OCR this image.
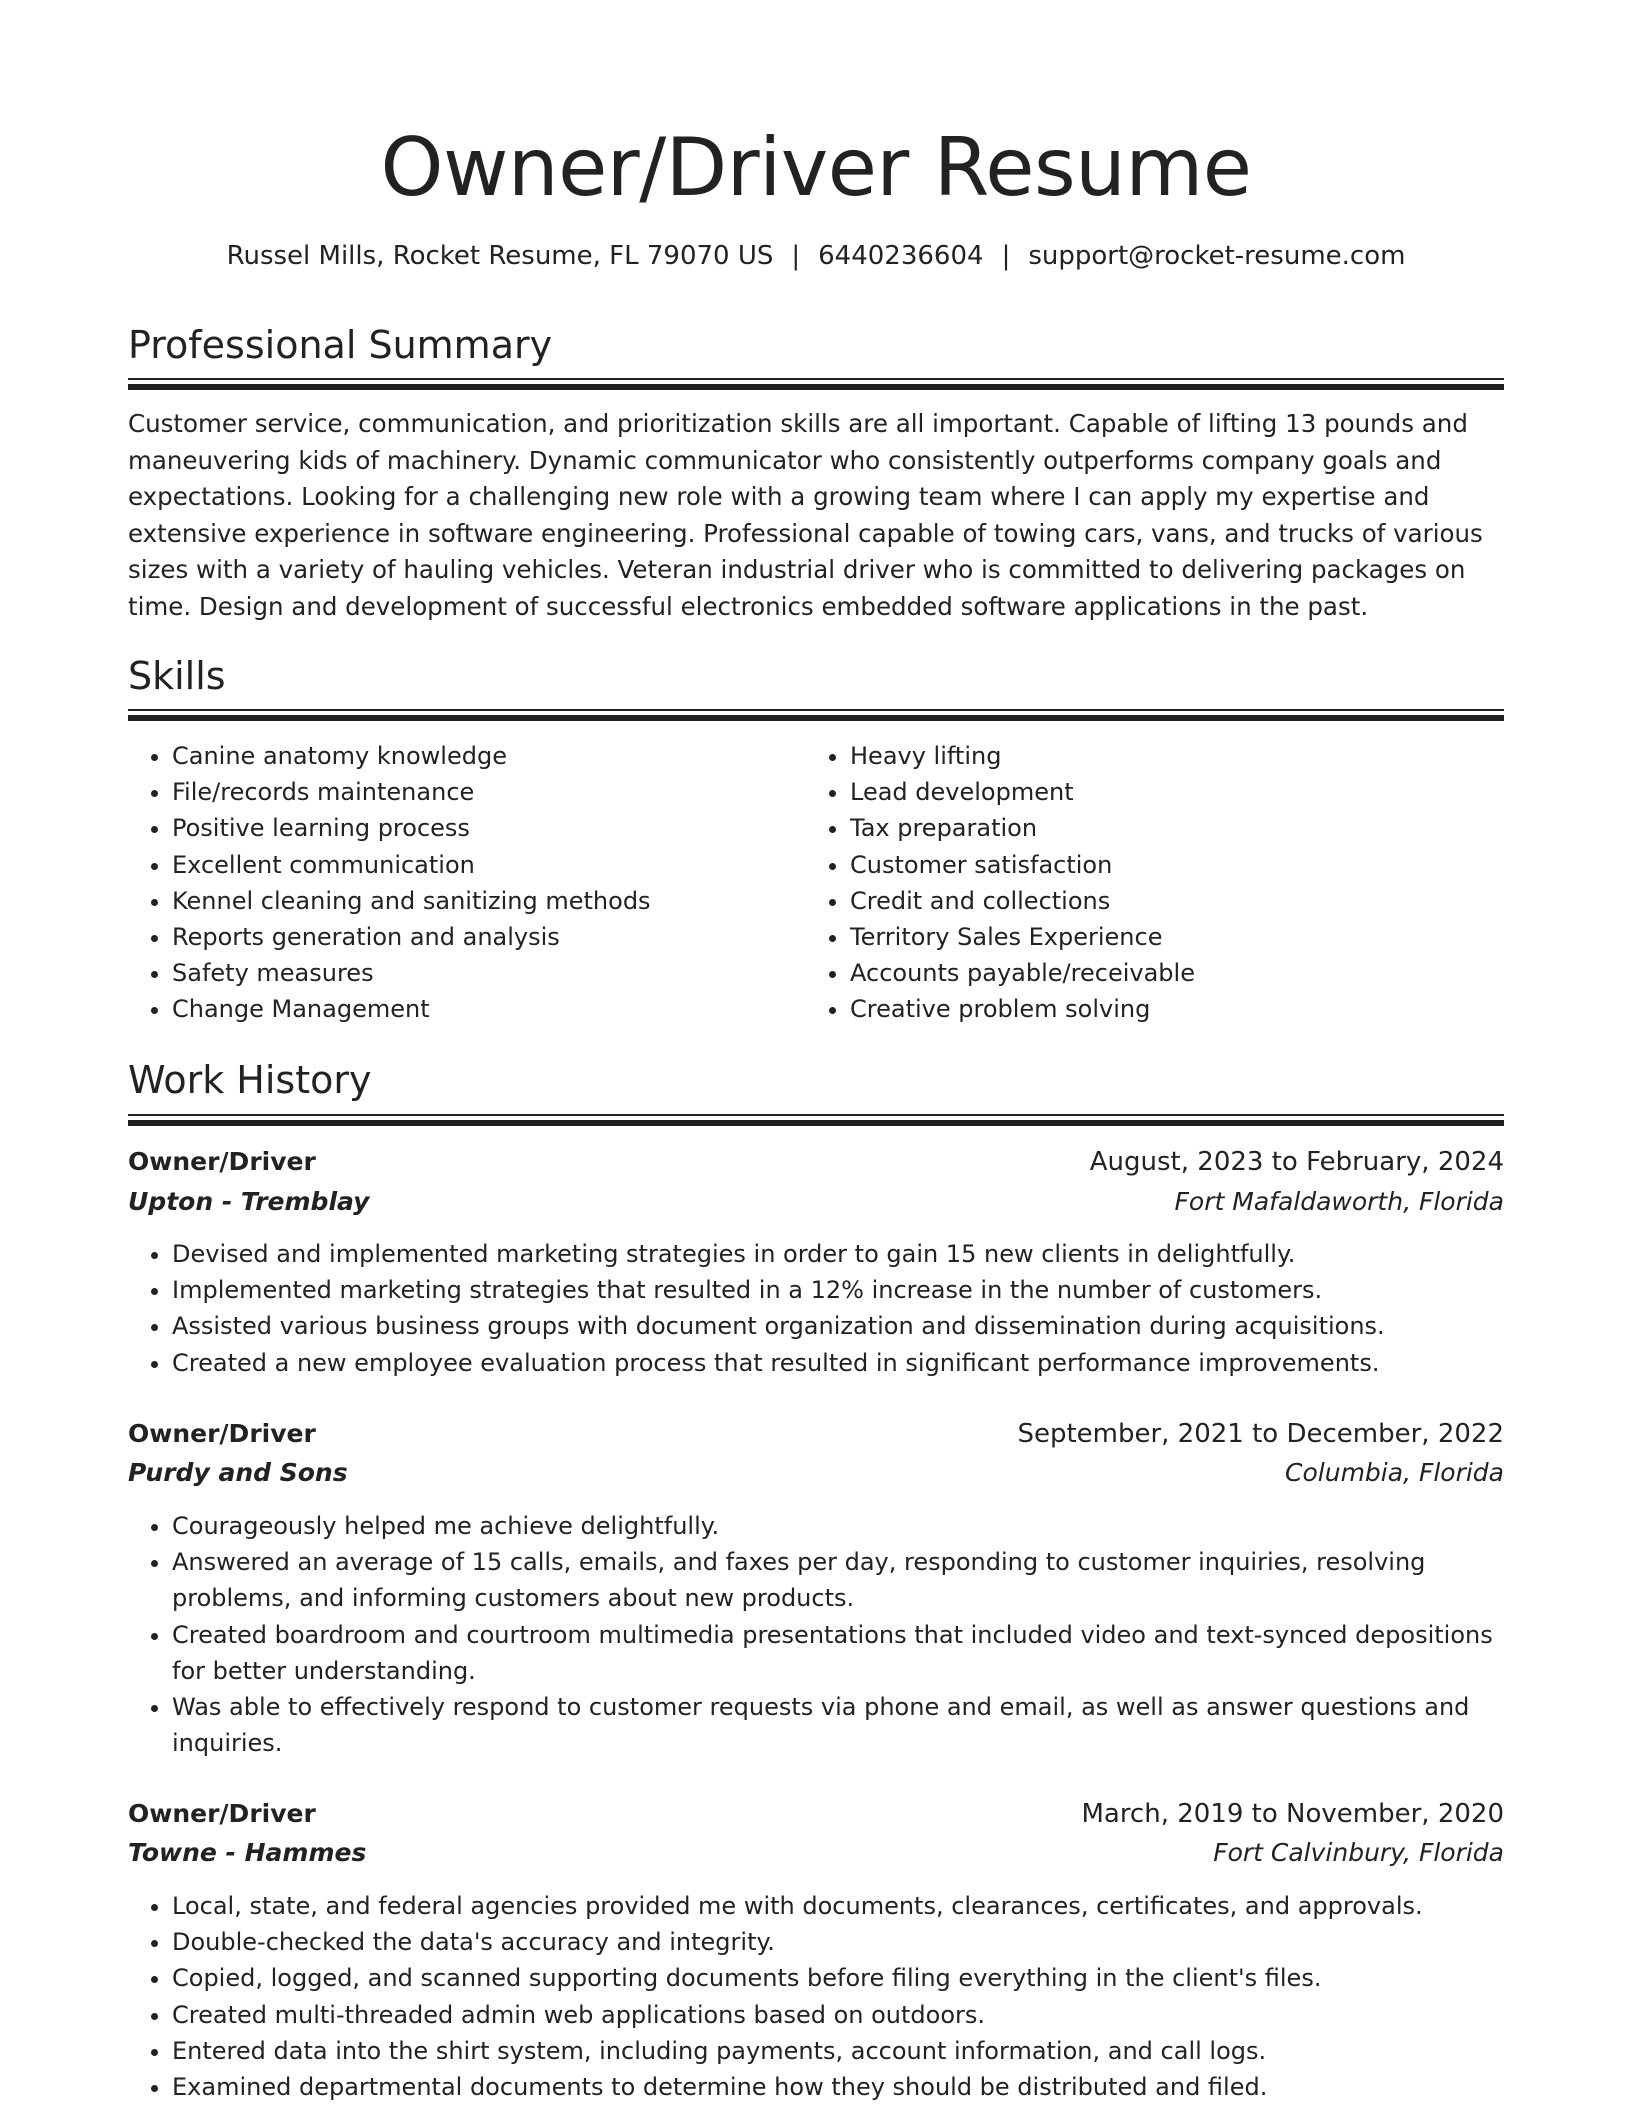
Owner/Driver Resume
Russel Mills, Rocket Resume, FL 79070 US | 6440236604 | support@rocket-resume.com
Professional Summary
Customer service, communication, and prioritization skills are all important. Capable of lifting 13 pounds and maneuvering kids of machinery. Dynamic communicator who consistently outperforms company goals and expectations. Looking for a challenging new role with a growing team where I can apply my expertise and extensive experience in software engineering. Professional capable of towing cars, vans, and trucks of various sizes with a variety of hauling vehicles. Veteran industrial driver who is committed to delivering packages on time. Design and development of successful electronics embedded software applications in the past.
Skills
• Canine anatomy knowledge
• File/records maintenance
• Positive learning process
• Excellent communication
• Kennel cleaning and sanitizing methods
• Reports generation and analysis
• Safety measures
• Change Management
• Heavy lifting
• Lead development
• Tax preparation
• Customer satisfaction
• Credit and collections
• Territory Sales Experience
• Accounts payable/receivable
• Creative problem solving
Work History
Owner/Driver	August, 2023 to February, 2024
Upton - Tremblay	Fort Mafaldaworth, Florida
• Devised and implemented marketing strategies in order to gain 15 new clients in delightfully.
• Implemented marketing strategies that resulted in a 12% increase in the number of customers.
• Assisted various business groups with document organization and dissemination during acquisitions.
• Created a new employee evaluation process that resulted in significant performance improvements.
Owner/Driver	September, 2021 to December, 2022
Purdy and Sons	Columbia, Florida
• Courageously helped me achieve delightfully.
• Answered an average of 15 calls, emails, and faxes per day, responding to customer inquiries, resolving problems, and informing customers about new products.
• Created boardroom and courtroom multimedia presentations that included video and text-synced depositions for better understanding.
• Was able to effectively respond to customer requests via phone and email, as well as answer questions and inquiries.
Owner/Driver	March, 2019 to November, 2020
Towne - Hammes	Fort Calvinbury, Florida
• Local, state, and federal agencies provided me with documents, clearances, certificates, and approvals.
• Double-checked the data's accuracy and integrity.
• Copied, logged, and scanned supporting documents before filing everything in the client's files.
• Created multi-threaded admin web applications based on outdoors.
• Entered data into the shirt system, including payments, account information, and call logs.
• Examined departmental documents to determine how they should be distributed and filed.
